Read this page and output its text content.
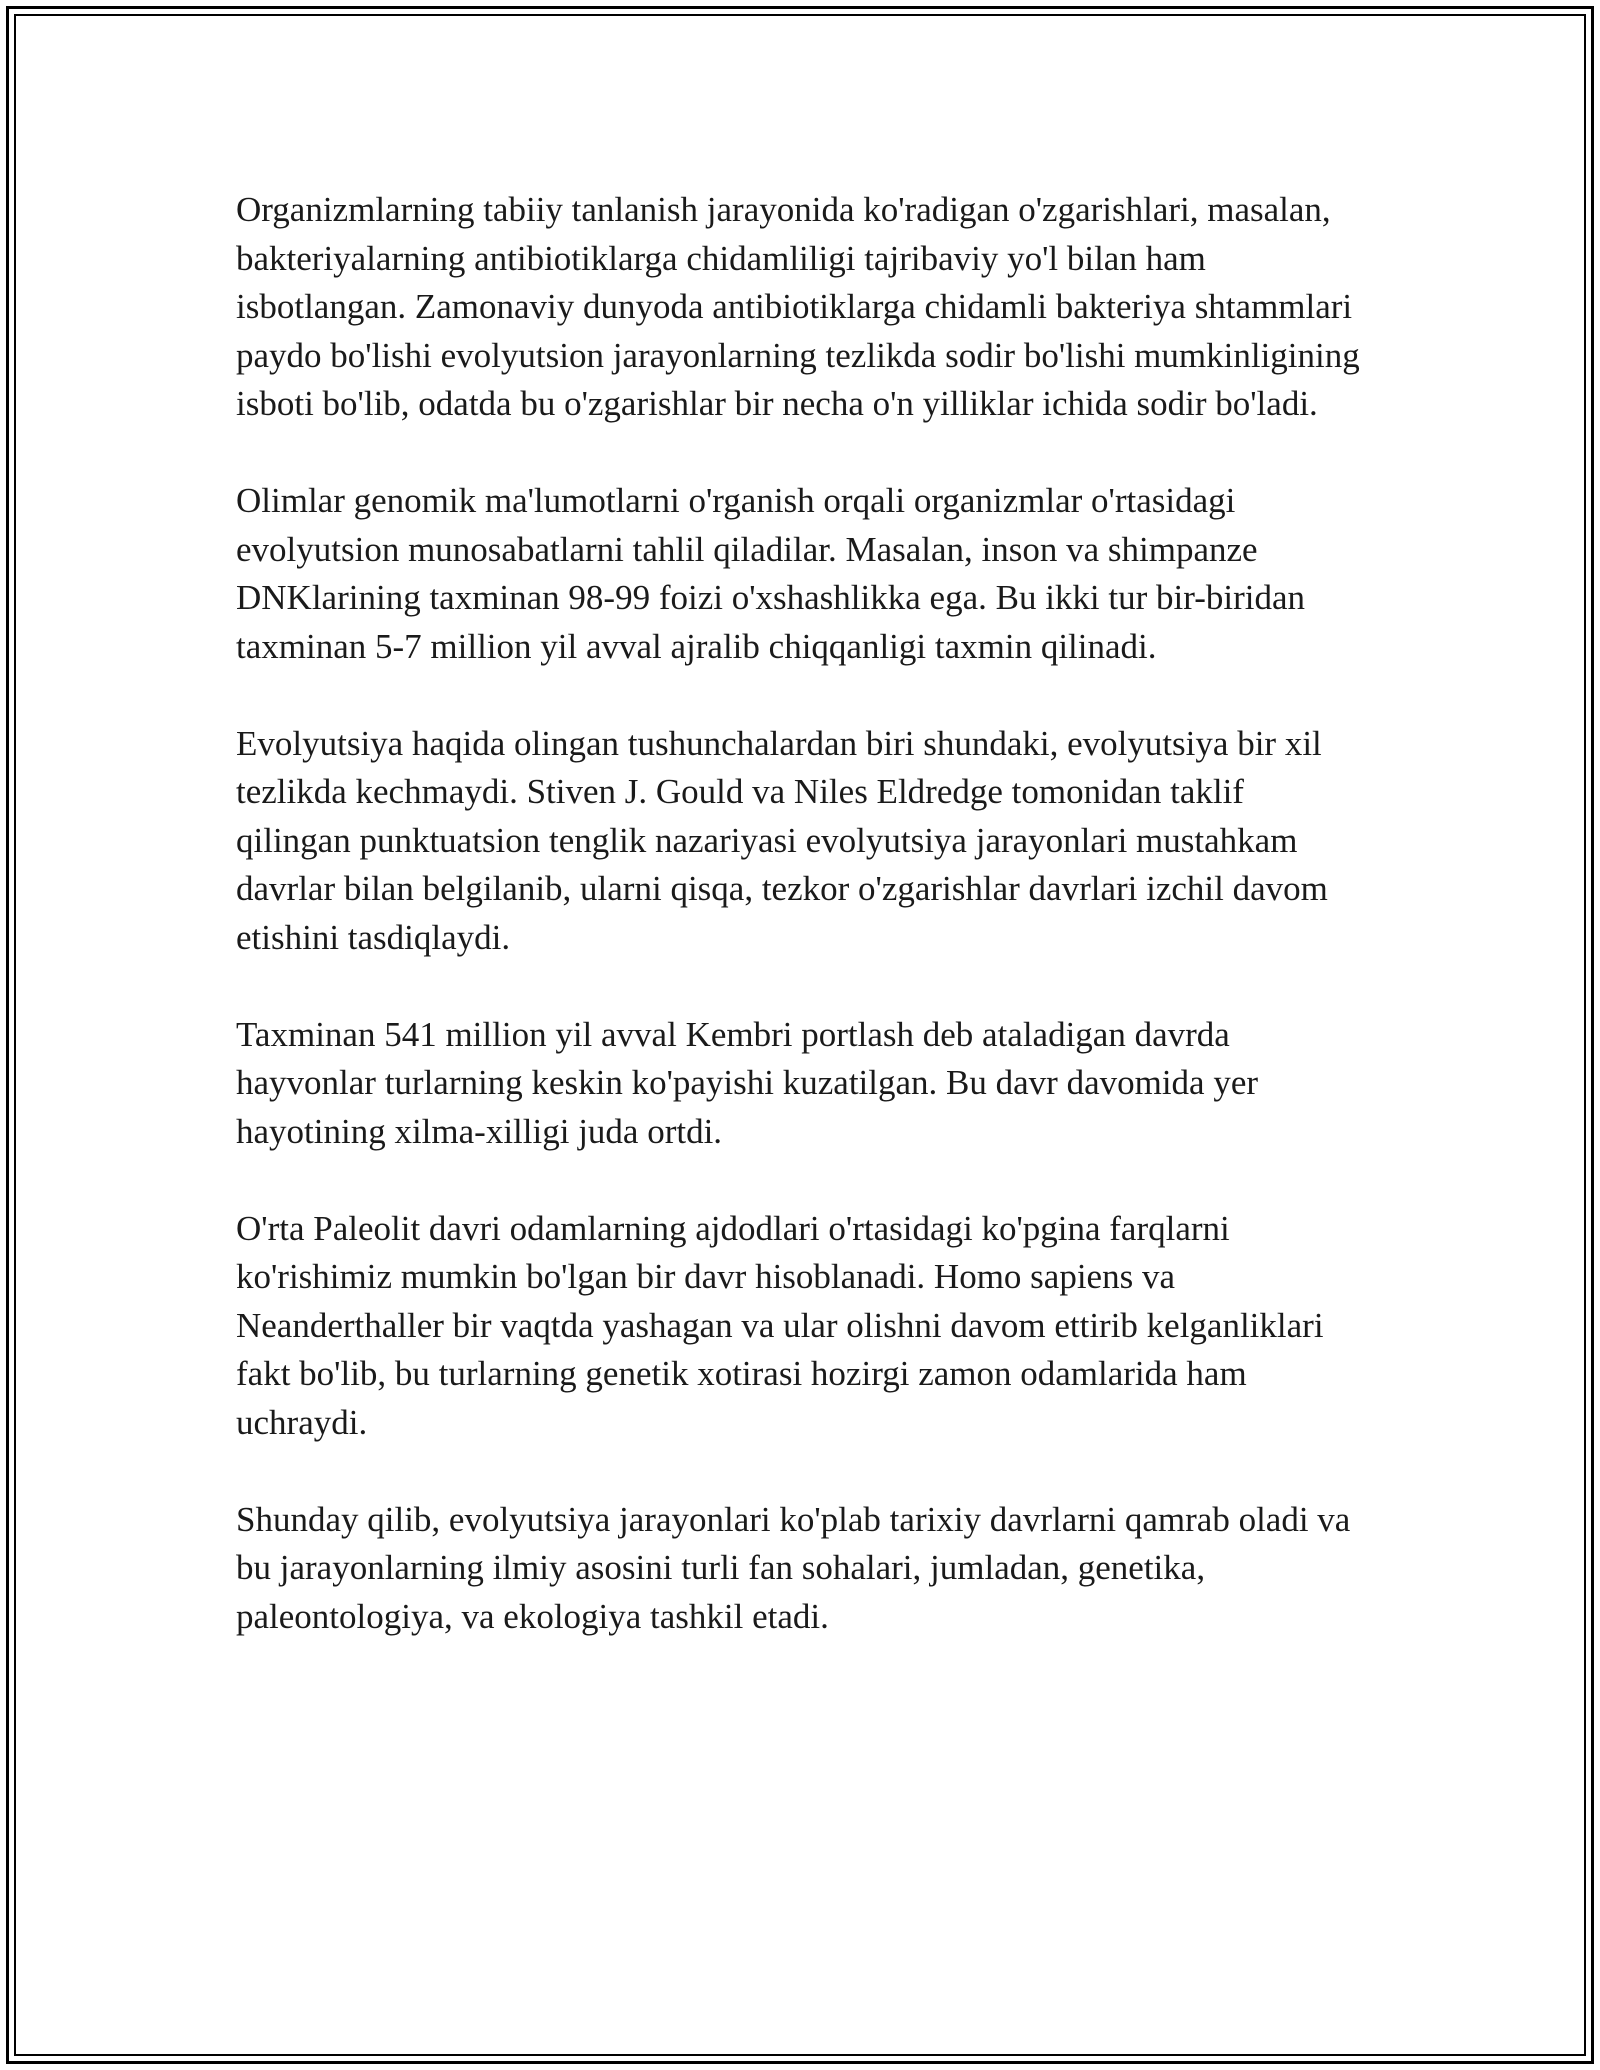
Organizmlarning tabiiy tanlanish jarayonida ko'radigan o'zgarishlari, masalan, bakteriyalarning antibiotiklarga chidamliligi tajribaviy yo'l bilan ham isbotlangan. Zamonaviy dunyoda antibiotiklarga chidamli bakteriya shtammlari paydo bo'lishi evolyutsion jarayonlarning tezlikda sodir bo'lishi mumkinligining isboti bo'lib, odatda bu o'zgarishlar bir necha o'n yilliklar ichida sodir bo'ladi.

Olimlar genomik ma'lumotlarni o'rganish orqali organizmlar o'rtasidagi evolyutsion munosabatlarni tahlil qiladilar. Masalan, inson va shimpanze DNKlarining taxminan 98-99 foizi o'xshashlikka ega. Bu ikki tur bir-biridan taxminan 5-7 million yil avval ajralib chiqqanligi taxmin qilinadi.

Evolyutsiya haqida olingan tushunchalardan biri shundaki, evolyutsiya bir xil tezlikda kechmaydi. Stiven J. Gould va Niles Eldredge tomonidan taklif qilingan punktuatsion tenglik nazariyasi evolyutsiya jarayonlari mustahkam davrlar bilan belgilanib, ularni qisqa, tezkor o'zgarishlar davrlari izchil davom etishini tasdiqlaydi.

Taxminan 541 million yil avval Kembri portlash deb ataladigan davrda hayvonlar turlarning keskin ko'payishi kuzatilgan. Bu davr davomida yer hayotining xilma-xilligi juda ortdi.

O'rta Paleolit davri odamlarning ajdodlari o'rtasidagi ko'pgina farqlarni ko'rishimiz mumkin bo'lgan bir davr hisoblanadi. Homo sapiens va Neanderthaller bir vaqtda yashagan va ular olishni davom ettirib kelganliklari fakt bo'lib, bu turlarning genetik xotirasi hozirgi zamon odamlarida ham uchraydi.

Shunday qilib, evolyutsiya jarayonlari ko'plab tarixiy davrlarni qamrab oladi va bu jarayonlarning ilmiy asosini turli fan sohalari, jumladan, genetika, paleontologiya, va ekologiya tashkil etadi.
